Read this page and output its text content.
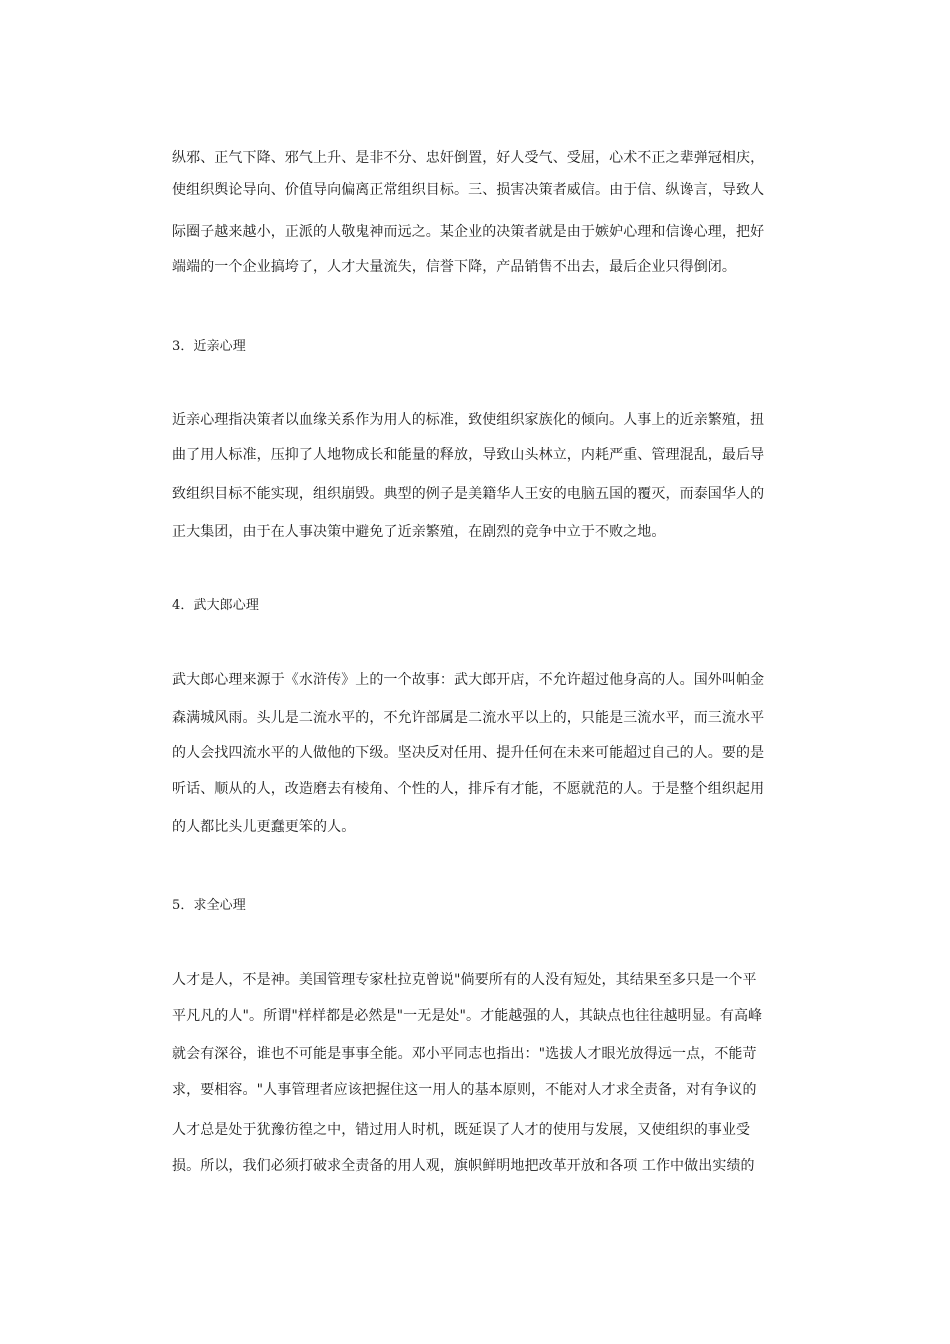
纵邪、正气下降、邪气上升、是非不分、忠奸倒置，好人受气、受屈，心术不正之辈弹冠相庆，
使组织舆论导向、价值导向偏离正常组织目标。三、损害决策者威信。由于信、纵谗言，导致人
际圈子越来越小，正派的人敬鬼神而远之。某企业的决策者就是由于嫉妒心理和信谗心理，把好
端端的一个企业搞垮了，人才大量流失，信誉下降，产品销售不出去，最后企业只得倒闭。
3．近亲心理
近亲心理指决策者以血缘关系作为用人的标准，致使组织家族化的倾向。人事上的近亲繁殖，扭
曲了用人标准，压抑了人地物成长和能量的释放，导致山头林立，内耗严重、管理混乱，最后导
致组织目标不能实现，组织崩毁。典型的例子是美籍华人王安的电脑五国的覆灭，而泰国华人的
正大集团，由于在人事决策中避免了近亲繁殖，在剧烈的竞争中立于不败之地。
4．武大郎心理
武大郎心理来源于《水浒传》上的一个故事：武大郎开店，不允许超过他身高的人。国外叫帕金
森满城风雨。头儿是二流水平的，不允许部属是二流水平以上的，只能是三流水平，而三流水平
的人会找四流水平的人做他的下级。坚决反对任用、提升任何在未来可能超过自己的人。要的是
听话、顺从的人，改造磨去有棱角、个性的人，排斥有才能，不愿就范的人。于是整个组织起用
的人都比头儿更蠢更笨的人。
5．求全心理
人才是人，不是神。美国管理专家杜拉克曾说"倘要所有的人没有短处，其结果至多只是一个平
平凡凡的人"。所谓"样样都是必然是"一无是处"。才能越强的人，其缺点也往往越明显。有高峰
就会有深谷，谁也不可能是事事全能。邓小平同志也指出："选拔人才眼光放得远一点，不能苛
求，要相容。"人事管理者应该把握住这一用人的基本原则，不能对人才求全责备，对有争议的
人才总是处于犹豫彷徨之中，错过用人时机，既延误了人才的使用与发展，又使组织的事业受
损。所以，我们必须打破求全责备的用人观，旗帜鲜明地把改革开放和各项 工作中做出实绩的
